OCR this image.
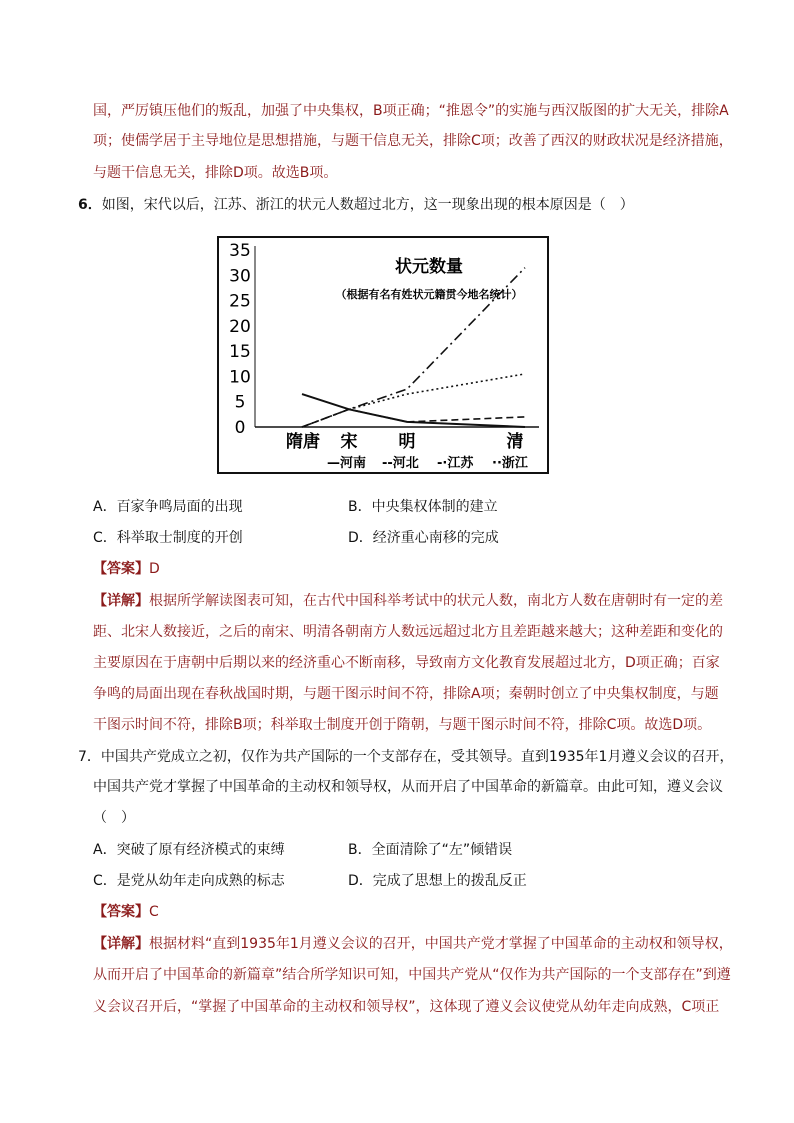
国，严厉镇压他们的叛乱，加强了中央集权，B项正确；“推恩令”的实施与西汉版图的扩大无关，排除A
项；使儒学居于主导地位是思想措施，与题干信息无关，排除C项；改善了西汉的财政状况是经济措施，
与题干信息无关，排除D项。故选B项。
6．如图，宋代以后，江苏、浙江的状元人数超过北方，这一现象出现的根本原因是（　）
35
30
25
20
15
10
5
0
状元数量
（根据有名有姓状元籍贯今地名统计）
隋唐 宋 明	清
—河南 --河北 -·江苏 ··浙江
A．百家争鸣局面的出现	B．中央集权体制的建立
C．科举取士制度的开创	D．经济重心南移的完成
【答案】D
【详解】根据所学解读图表可知，在古代中国科举考试中的状元人数，南北方人数在唐朝时有一定的差
距、北宋人数接近，之后的南宋、明清各朝南方人数远远超过北方且差距越来越大；这种差距和变化的
主要原因在于唐朝中后期以来的经济重心不断南移，导致南方文化教育发展超过北方，D项正确；百家
争鸣的局面出现在春秋战国时期，与题干图示时间不符，排除A项；秦朝时创立了中央集权制度，与题
干图示时间不符，排除B项；科举取士制度开创于隋朝，与题干图示时间不符，排除C项。故选D项。
7．中国共产党成立之初，仅作为共产国际的一个支部存在，受其领导。直到1935年1月遵义会议的召开，
中国共产党才掌握了中国革命的主动权和领导权，从而开启了中国革命的新篇章。由此可知，遵义会议
（　）
A．突破了原有经济模式的束缚	B．全面清除了“左”倾错误
C．是党从幼年走向成熟的标志	D．完成了思想上的拨乱反正
【答案】C
【详解】根据材料“直到1935年1月遵义会议的召开，中国共产党才掌握了中国革命的主动权和领导权，
从而开启了中国革命的新篇章”结合所学知识可知，中国共产党从“仅作为共产国际的一个支部存在”到遵
义会议召开后，“掌握了中国革命的主动权和领导权”，这体现了遵义会议使党从幼年走向成熟，C项正
